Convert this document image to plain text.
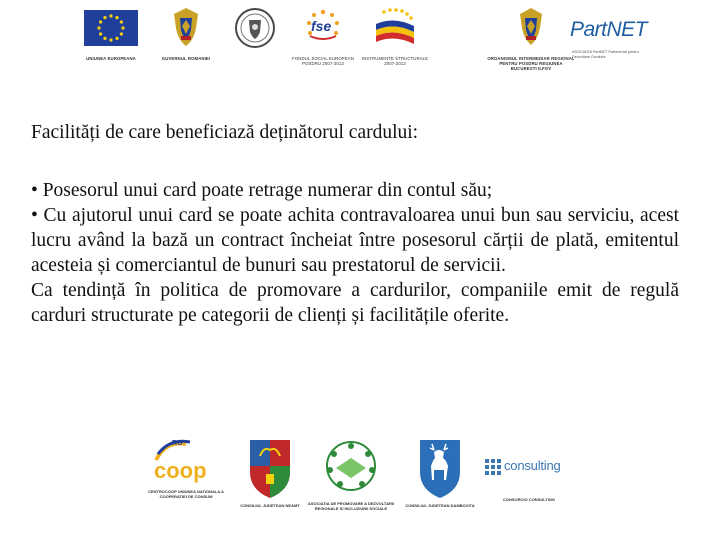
UNIUNEA EUROPEANA	GUVERNUL ROMANIEI
fse
FONDUL SOCIAL EUROPEAN
POSDRU 2007-2013
INSTRUMENTE STRUCTURALE
2007-2013
ORGANISMUL INTERMEDIAR REGIONAL PENTRU POSDRU REGIUNEA BUCURESTI ILFOV
PartNET
ASOCIATIA PartNET Parteneriat pentru Dezvoltare Durabila

Facilități de care beneficiază deținătorul cardului:

• Posesorul unui card poate retrage numerar din contul său;

• Cu ajutorul unui card se poate achita contravaloarea unui bun sau serviciu, acest lucru având la bază un contract încheiat între posesorul cărții de plată, emitentul acesteia și comerciantul de bunuri sau prestatorul de servicii.

Ca tendință în politica de promovare a cardurilor, companiile emit de regulă carduri structurate pe categorii de clienți și facilitățile oferite.

RO
coop
CENTROCOOP UNIUNEA NATIONALA A COOPERATIEI DE CONSUM
CONSILIUL JUDETEAN NEAMT	ASOCIATIA DE PROMOVARE A DEZVOLTARII REGIONALE SI INCLUZIUNII SOCIALE
CONSILIUL JUDETEAN DAMBOVITA
consulting
CONSORCIO CONSULTING
